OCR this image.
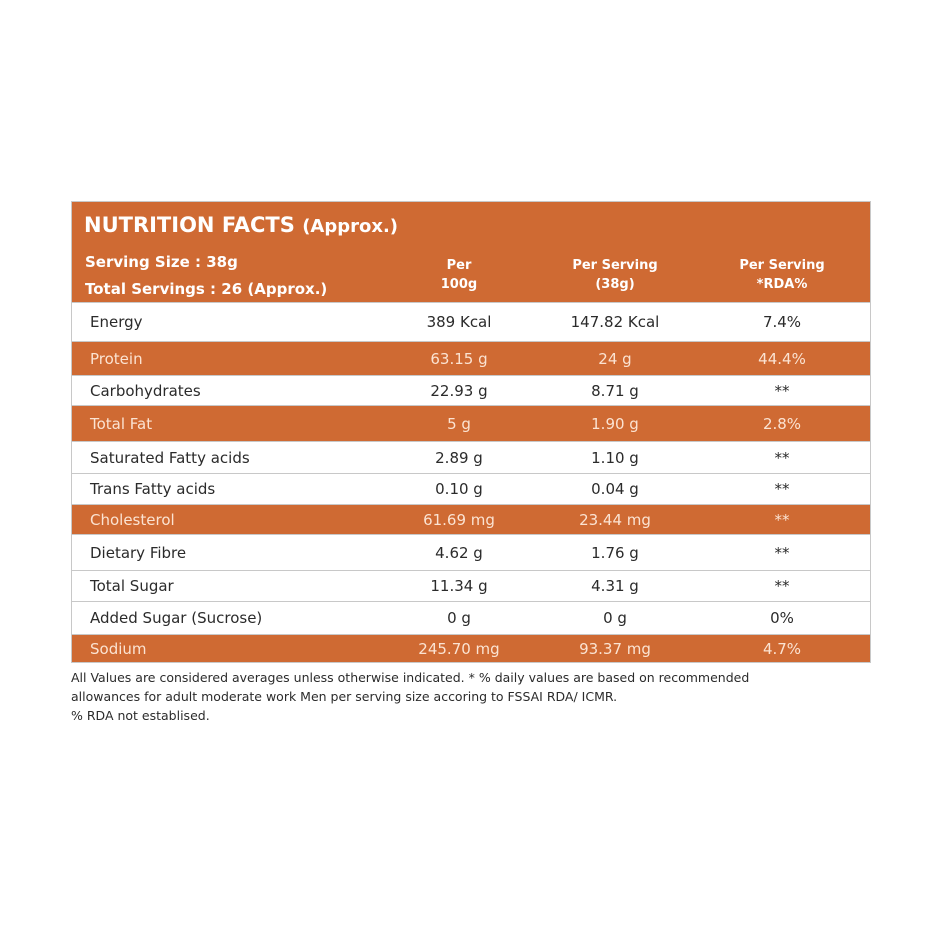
NUTRITION FACTS (Approx.)
Serving Size : 38g
Total Servings : 26 (Approx.)
Per
100g
Per Serving
(38g)
Per Serving
*RDA%
Energy	389 Kcal	147.82 Kcal	7.4%
Protein	63.15 g	24 g	44.4%
Carbohydrates	22.93 g	8.71 g	**
Total Fat	5 g	1.90 g	2.8%
Saturated Fatty acids	2.89 g	1.10 g	**
Trans Fatty acids	0.10 g	0.04 g	**
Cholesterol	61.69 mg	23.44 mg	**
Dietary Fibre	4.62 g	1.76 g	**
Total Sugar	11.34 g	4.31 g	**
Added Sugar (Sucrose)	0 g	0 g	0%
Sodium	245.70 mg	93.37 mg	4.7%

All Values are considered averages unless otherwise indicated. * % daily values are based on recommended

allowances for adult moderate work Men per serving size accoring to FSSAI RDA/ ICMR.

% RDA not establised.
